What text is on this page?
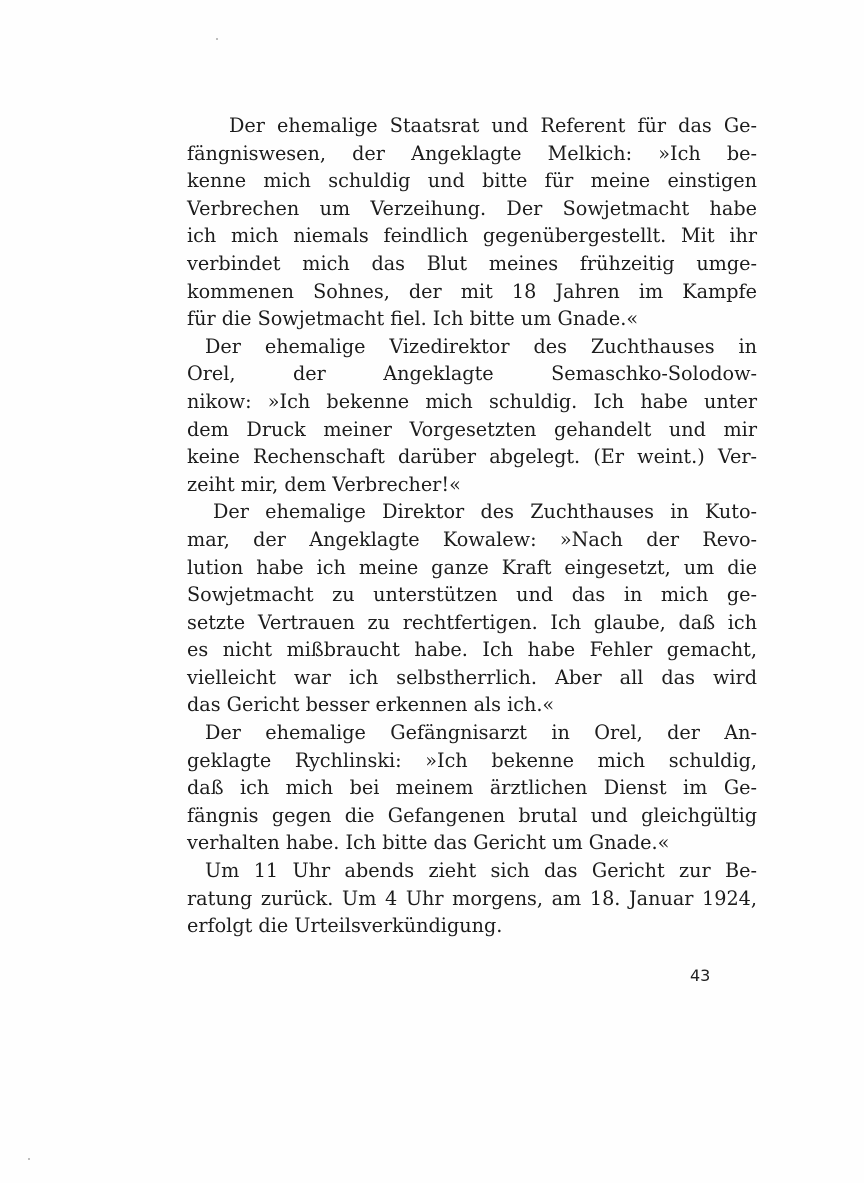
Der ehemalige Staatsrat und Referent für das Ge-
fängniswesen, der Angeklagte Melkich: »Ich be-
kenne mich schuldig und bitte für meine einstigen
Verbrechen um Verzeihung. Der Sowjetmacht habe
ich mich niemals feindlich gegenübergestellt. Mit ihr
verbindet mich das Blut meines frühzeitig umge-
kommenen Sohnes, der mit 18 Jahren im Kampfe
für die Sowjetmacht fiel. Ich bitte um Gnade.«

Der ehemalige Vizedirektor des Zuchthauses in
Orel, der Angeklagte Semaschko-Solodow-
nikow: »Ich bekenne mich schuldig. Ich habe unter
dem Druck meiner Vorgesetzten gehandelt und mir
keine Rechenschaft darüber abgelegt. (Er weint.) Ver-
zeiht mir, dem Verbrecher!«

Der ehemalige Direktor des Zuchthauses in Kuto-
mar, der Angeklagte Kowalew: »Nach der Revo-
lution habe ich meine ganze Kraft eingesetzt, um die
Sowjetmacht zu unterstützen und das in mich ge-
setzte Vertrauen zu rechtfertigen. Ich glaube, daß ich
es nicht mißbraucht habe. Ich habe Fehler gemacht,
vielleicht war ich selbstherrlich. Aber all das wird
das Gericht besser erkennen als ich.«

Der ehemalige Gefängnisarzt in Orel, der An-
geklagte Rychlinski: »Ich bekenne mich schuldig,
daß ich mich bei meinem ärztlichen Dienst im Ge-
fängnis gegen die Gefangenen brutal und gleichgültig
verhalten habe. Ich bitte das Gericht um Gnade.«

Um 11 Uhr abends zieht sich das Gericht zur Be-
ratung zurück. Um 4 Uhr morgens, am 18. Januar 1924,
erfolgt die Urteilsverkündigung.

43
